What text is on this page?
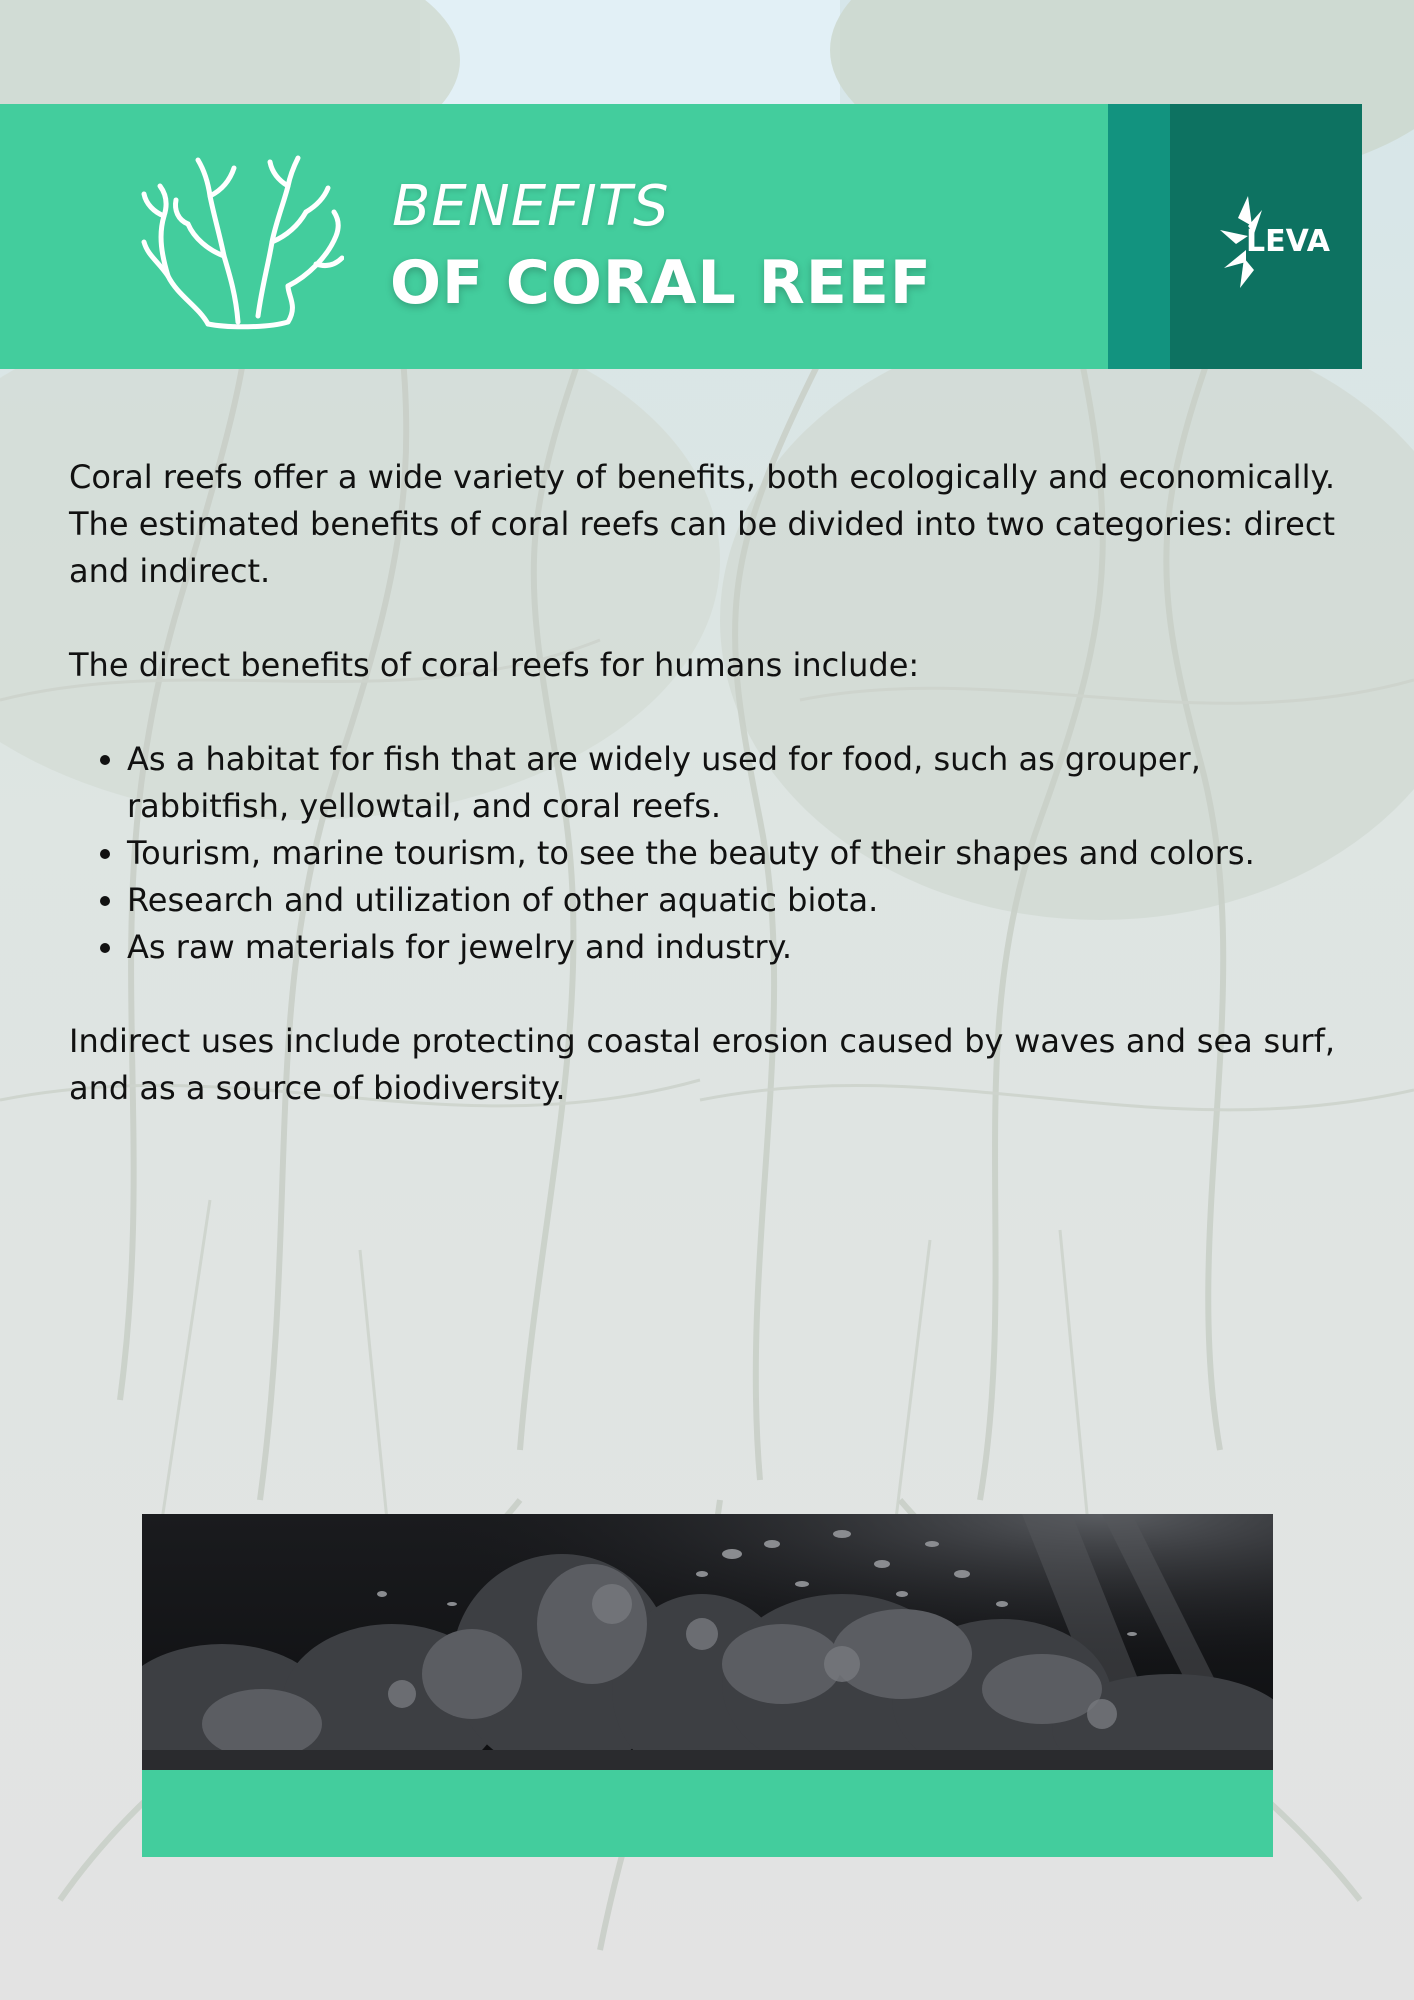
BENEFITS
OF CORAL REEF
LEVA

Coral reefs offer a wide variety of benefits, both ecologically and economically. The estimated benefits of coral reefs can be divided into two categories: direct and indirect.

The direct benefits of coral reefs for humans include:

• As a habitat for fish that are widely used for food, such as grouper, rabbitfish, yellowtail, and coral reefs.
• Tourism, marine tourism, to see the beauty of their shapes and colors.
• Research and utilization of other aquatic biota.
• As raw materials for jewelry and industry.

Indirect uses include protecting coastal erosion caused by waves and sea surf, and as a source of biodiversity.
